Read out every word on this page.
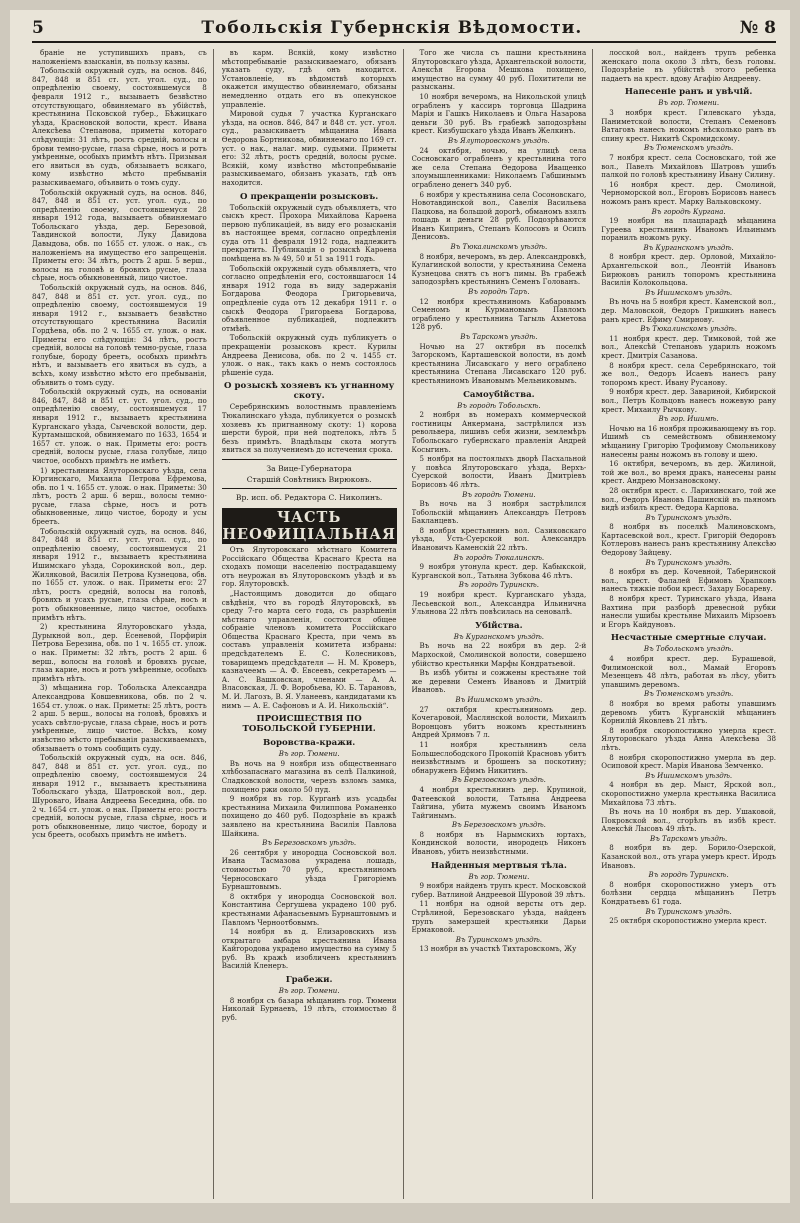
5	Тобольскія Губернскія Вѣдомости.	№ 8

браніе не уступившихъ правъ, съ наложеніемъ взысканія, въ пользу казны.

Тобольскій окружный судъ, на основ. 846, 847, 848 и 851 ст. уст. угол. суд., по опредѣленію своему, состоявшемуся 8 февраля 1912 г., вызываетъ безвѣстно отсутствующаго, обвиняемаго въ убійствѣ, крестьянина Псковской губер., Бѣжицкаго уѣзда, Красновской волости, крест. Ивана Алексѣева Степанова, приметы котораго слѣдующія: 31 лѣтъ, ростъ средній, волосы и брови темно-русые, глаза сѣрые, носъ и ротъ умѣренные, особыхъ примѣтъ нѣтъ. Призывая его явиться въ судъ, обязываетъ всякаго, кому извѣстно мѣсто пребыванія разыскиваемаго, объявить о томъ суду.

Тобольскій окружный судъ, на основ. 846, 847, 848 и 851 ст. уст. угол. суд., по опредѣленію своему, состоявшемуся 28 января 1912 года, вызываетъ обвиняемаго Тобольскаго уѣзда, дер. Березовой, Тавдинской волости, Луку Давидова Давыдова, обв. по 1655 ст. улож. о нак., съ наложеніемъ на имущество его запрещенія. Приметы его: 34 лѣтъ, ростъ 2 арш. 5 верш., волосы на головѣ и бровяхъ русые, глаза сѣрые, носъ обыкновенный, лицо чистое.

Тобольскій окружный судъ, на основ. 846, 847, 848 и 851 ст. уст. угол. суд., по опредѣленію своему, состоявшемуся 19 января 1912 г., вызываетъ безвѣстно отсутствующаго крестьянина Василія Гордѣева, обв. по 2 ч. 1655 ст. улож. о нак. Приметы его слѣдующія: 34 лѣтъ, ростъ средній, волосы на головѣ темно-русые, глаза голубые, бороду бреетъ, особыхъ примѣтъ нѣтъ, и вызываетъ его явиться въ судъ, а всѣхъ, кому извѣстно мѣсто его пребыванія, объявить о томъ суду.

Тобольскій окружный судъ, на основаніи 846, 847, 848 и 851 ст. уст. угол. суд., по опредѣленію своему, состоявшемуся 17 января 1912 г., вызываетъ крестьянина Курганскаго уѣзда, Сычевской волости, дер. Куртамышской, обвиняемаго по 1633, 1654 и 1657 ст. улож. о нак. Приметы его: ростъ средній, волосы русые, глаза голубые, лицо чистое, особыхъ примѣтъ не имѣетъ.

1) крестьянина Ялуторовскаго уѣзда, села Юргинскаго, Михаила Петрова Ефремова, обв. по 1 ч. 1655 ст. улож. о нак. Приметы: 30 лѣтъ, ростъ 2 арш. 6 верш., волосы темно-русые, глаза сѣрые, носъ и ротъ обыкновенные, лицо чистое, бороду и усы бреетъ.

Тобольскій окружный судъ, на основ. 846, 847, 848 и 851 ст. уст. угол. суд., по опредѣленію своему, состоявшемуся 21 января 1912 г., вызываетъ крестьянина Ишимскаго уѣзда, Сорокинской вол., дер. Жиляковой, Василія Петрова Кузнецова, обв. по 1655 ст. улож. о нак. Приметы его: 27 лѣтъ, ростъ средній, волосы на головѣ, бровяхъ и усахъ русые, глаза сѣрые, носъ и ротъ обыкновенные, лицо чистое, особыхъ примѣтъ нѣтъ.

2) крестьянина Ялуторовскаго уѣзда, Дурыкной вол., дер. Есеневой, Порфирія Петрова Березина, обв. по 1 ч. 1655 ст. улож. о нак. Приметы: 32 лѣтъ, ростъ 2 арш. 6 верш., волосы на головѣ и бровяхъ русые, глаза карие, носъ и ротъ умѣренные, особыхъ примѣтъ нѣтъ.

3) мѣщанина гор. Тобольска Александра Александрова Ковшевникова, обв. по 2 ч. 1654 ст. улож. о нак. Приметы: 25 лѣтъ, ростъ 2 арш. 5 верш., волосы на головѣ, бровяхъ и усахъ свѣтло-русые, глаза сѣрые, носъ и ротъ умѣренные, лицо чистое. Всѣхъ, кому извѣстно мѣсто пребыванія разыскиваемыхъ, обязываетъ о томъ сообщить суду.

Тобольскій окружный судъ, на осн. 846, 847, 848 и 851 ст. уст. угол. суд., по опредѣленію своему, состоявшемуся 24 января 1912 г., вызываетъ крестьянина Тобольскаго уѣзда, Шатровской вол., дер. Шуроваго, Ивана Андреева Беседина, обв. по 2 ч. 1654 ст. улож. о нак. Приметы его: ростъ средній, волосы русые, глаза сѣрые, носъ и ротъ обыкновенные, лицо чистое, бороду и усы бреетъ, особыхъ примѣтъ не имѣетъ.

въ карм. Всякій, кому извѣстно мѣстопребываніе разыскиваемаго, обязанъ указать суду, гдѣ онъ находится. Установленіе, въ вѣдомствѣ которыхъ окажется имущество обвиняемаго, обязаны немедленно отдать его въ опекунское управленіе.

Мировой судья 7 участка Курганскаго уѣзда, на основ. 846, 847 и 848 ст. уст. угол. суд., разыскиваетъ мѣщанина Ивана Ѳедорова Бортникова, обвиняемаго по 169 ст. уст. о нак., налаг. мир. судьями. Приметы его: 32 лѣтъ, ростъ средній, волосы русые. Всякій, кому извѣстно мѣстопребываніе разыскиваемаго, обязанъ указать, гдѣ онъ находится.

О прекращеніи розысковъ.

Тобольскій окружный судъ объявляетъ, что сыскъ крест. Прохора Михайлова Карѳена первою публикаціей, въ виду его розысканія въ настоящее время, согласно опредѣленія суда отъ 11 февраля 1912 года, надлежитъ прекратить. Публикація о розыскѣ Карѳена помѣщена въ № 49, 50 и 51 за 1911 годъ.

Тобольскій окружный судъ объявляетъ, что согласно опредѣленія его, состоявшагося 14 января 1912 года въ виду задержанія Богдарова Феодора Григорьевича, опредѣленіе суда отъ 12 декабря 1911 г. о сыскѣ Феодора Григорьева Богдарова, объявленное публикаціей, подлежитъ отмѣнѣ.

Тобольскій окружный судъ публикуетъ о прекращеніи розысковъ крест. Курилы Андреева Денисова, обв. по 2 ч. 1455 ст. улож. о нак., такъ какъ о немъ состоялось рѣшеніе суда.

О розыскѣ хозяевъ къ угнанному скоту.

Серебрянскимъ волостнымъ правленіемъ Тюкалинскаго уѣзда, публикуется о розыскѣ хозяевъ къ пригнанному скоту: 1) корова шерсти бурой, при ней подтелокъ, лѣтъ 5 безъ примѣтъ. Владѣльцы скота могутъ явиться за получениемъ до истечения срока.

За Вице-Губернатора
Старшій Совѣтникъ Вирюковъ.
Вр. исп. об. Редактора С. Николинъ.
ЧАСТЬ НЕОФИЦІАЛЬНАЯ

Отъ Ялуторовскаго мѣстнаго Комитета Россійскаго Общества Краснаго Креста на сходахъ помощи населенію пострадавшему отъ неурожая въ Ялуторовскомъ уѣздѣ и въ гор. Ялуторовскѣ.

„Настоящимъ доводится до общаго свѣдѣнія, что въ городѣ Ялуторовскѣ, въ среду 7-го марта сего года, съ разрѣшенія мѣстнаго управленія, состоится общее собраніе членовъ комитета Россійскаго Общества Краснаго Креста, при чемъ въ составъ управленія комитета избраны: предсѣдателемъ Е. С. Колесниковъ, товарищемъ предсѣдателя — Н. М. Кроверъ, казначеемъ — А. Ф. Евсеевъ, секретаремъ — А. С. Вашковская, членами — А. А. Власовская, Л. Ф. Воробьева, Ю. Б. Тарановъ, М. И. Лагозъ, В. Я. Уланеевъ, кандидатами къ нимъ — А. Е. Сафоновъ и А. И. Никольскій“.

ПРОИСШЕСТВІЯ ПО ТОБОЛЬСКОЙ ГУБЕРНІИ.
Воровства-кражи.
Въ гор. Тюмени.

Въ ночь на 9 ноября изъ общественнаго хлѣбозапаснаго магазина въ селѣ Палкиной, Сладковской волости, черезъ взломъ замка, похищено ржи около 50 пуд.

9 ноября въ гор. Курганѣ изъ усадьбы крестьянина Михаила Филиппова Романенко похищено до 460 руб. Подозрѣніе въ кражѣ заявлено на крестьянина Василія Павлова Шайкина.

Въ Березовскомъ уѣздѣ.

26 сентября у инородца Сосновской вол. Ивана Тасмазова украдена лошадь, стоимостью 70 руб., крестьяниномъ Черносовскаго уѣзда Григоріемъ Бурнаштовымъ.

8 октября у инородца Сосновской вол. Константина Сергушева украдено 100 руб. крестьянами Афанасьевымъ Бурнаштовымъ и Павломъ Черноотбовымъ.

14 ноября въ д. Елизаровскихъ изъ открытаго амбара крестьянина Ивана Кайгородова украдено имущество на сумму 5 руб. Въ кражѣ изобличенъ крестьянинъ Василій Кленеръ.

Грабежи.
Въ гор. Тюмени.

8 ноября съ базара мѣщанинъ гор. Тюмени Николай Бурнаевъ, 19 лѣтъ, стоимостью 8 руб.

Того же числа съ пашни крестьянина Ялуторовскаго уѣзда, Архангельской волости, Алексѣя Егорова Мешкова похищено, имущество на сумму 40 руб. Похитители не разысканы.

10 ноября вечеромъ, на Никольской улицѣ ограбленъ у кассиръ торговца Шадрина Марія и Гашкъ Николаевъ и Ольга Назарова деньги 30 руб. Въ грабежѣ заподозрѣны крест. Кизбушскаго уѣзда Иванъ Желкинъ.

Въ Ялуторовскомъ уѣздѣ.

24 октября, ночью, на улицѣ села Сосновскаго ограбленъ у крестьянина того же села Степана Ѳедорова Иващенко злоумышленниками: Николаемъ Габшинымъ ограблено денегъ 340 руб.

6 ноября у крестьянина села Сосоновскаго, Новотавдинской вол., Савелія Васильева Пацкова, на большой дорогѣ, обманомъ взялъ лошадь и деньги 28 руб. Подозрѣваются Иванъ Кипринъ, Степанъ Колосовъ и Осипъ Денисовъ.

Въ Тюкалинскомъ уѣздѣ.

8 ноября, вечеромъ, въ дер. Александровкѣ, Кулагинской волости, у крестьянина Семена Кузнецова снятъ съ ногъ пимы. Въ грабежѣ заподозрѣнъ крестьянинъ Семенъ Голованъ.

Въ городѣ Таръ.

12 ноября крестьяниномъ Кабаровымъ Семеномъ и Курмановымъ Павломъ ограблено у крестьянина Тагыль Ахметова 128 руб.

Въ Тарскомъ уѣздѣ.

Ночью на 27 октября въ поселкѣ Загорскомъ, Карташевской волости, въ домѣ крестьянина Лисавскаго у него ограблено крестьянина Степана Лисавскаго 120 руб. крестьяниномъ Ивановымъ Мельниковымъ.

Самоубійства.
Въ городѣ Тобольскѣ.

2 ноября въ номерахъ коммерческой гостиницы Анкермана, застрѣлился изъ револьвера, лишивъ себя жизни, землемѣръ Тобольскаго губернскаго правленія Андрей Косыгинъ.

5 ноября на постоялыхъ дворѣ Пасхальной у повѣса Ялуторовскаго уѣзда, Верхъ-Суерской волости, Иванъ Дмитріевъ Борисовъ 46 лѣтъ.

Въ городѣ Тюмени.

Въ ночь на 3 ноября застрѣлился Тобольскій мѣщанинъ Александръ Петровъ Бакланцевъ.

8 ноября крестьянинъ вол. Сазиковскаго уѣзда, Усть-Суерской вол. Александръ Ивановичъ Каменскій 22 лѣтъ.

Въ городѣ Тюкалинскѣ.

9 ноября утонула крест. дер. Кабыкской, Курганской вол., Татьяна Зубкова 46 лѣтъ.

Въ городѣ Туринскѣ.

19 ноября крест. Курганскаго уѣзда, Лесьевской вол., Александра Ильинична Ульянова 22 лѣтъ повѣсилась на сеновалѣ.

Убійства.
Въ Курганскомъ уѣздѣ.

Въ ночь на 22 ноября въ дер. 2-й Мархоской, Смолинской волости, совершено убійство крестьянки Марфы Кондратьевой.

Въ избѣ убиты и сожжены крестьяне той же деревни Семенъ Ивановъ и Дмитрій Ивановъ.

Въ Ишимскомъ уѣздѣ.

27 октября крестьяниномъ дер. Кочегаровой, Маслянской волости, Михаилъ Воронцовъ убитъ ножомъ крестьянинъ Андрей Хрямовъ 7 л.

11 ноября крестьянинъ села Большеслободского Прокопій Красновъ убитъ неизвѣстнымъ и брошенъ за поскотину; обнаруженъ Ефимъ Никитинъ.

Въ Березовскомъ уѣздѣ.

4 ноября крестьянинъ дер. Крупиной, Фатеевской волости, Татьяна Андреева Тайгина, убита мужемъ своимъ Иваномъ Тайгинымъ.

Въ Березовскомъ уѣздѣ.

8 ноября въ Нарымскихъ юртахъ, Кондинской волости, инородецъ Никонъ Ивановъ, убитъ неизвѣстными.

Найденныя мертвыя тѣла.
Въ гор. Тюмени.

9 ноября найденъ трупъ крест. Московской губер. Ватлиной Андреевой Шуровой 39 лѣтъ.

11 ноября на одной версты отъ дер. Стрѣлиной, Березовскаго уѣзда, найденъ трупъ замерзшей крестьянки Дарьи Ермаковой.

Въ Туринскомъ уѣздѣ.

13 ноября въ участкѣ Тихтаровскомъ, Жу

лосской вол., найденъ трупъ ребенка женскаго пола около 3 лѣтъ, безъ головы. Подозрѣніе въ убійствѣ этого ребенка падаетъ на крест. вдову Агафію Андрееву.

Напесеніе ранъ и увѣчій.
Въ гор. Тюмени.

3 ноября крест. Гилевскаго уѣзда, Паниметской волости, Степанъ Семеновъ Ватаговъ нанесъ ножомъ нѣсколько ранъ въ спину крест. Никитѣ Скромидскому.

Въ Тюменскомъ уѣздѣ.

7 ноября крест. села Сосновскаго, той же вол., Павелъ Михайловъ Шатровъ ушибъ палкой по головѣ крестьянину Ивану Силину.

16 ноября крест. дер. Смолиной, Черноморской вол., Егоровъ Борисовъ нанесъ ножомъ ранъ крест. Марку Вальковскому.

Въ городѣ Кургана.

19 ноября на плацпарадѣ мѣщанина Гуреева крестьянинъ Иваномъ Ильинымъ поранилъ ножомъ руку.

Въ Курганскомъ уѣздѣ.

8 ноября крест. дер. Орловой, Михайло-Архангельской вол., Леонтій Ивановъ Бирюковъ ранилъ топоромъ крестьянина Василія Колокольцова.

Въ Ишимскомъ уѣздѣ.

Въ ночь на 5 ноября крест. Каменской вол., дер. Маловской, Ѳедоръ Гришкинъ нанесъ ранъ крест. Ефиму Смирнову.

Въ Тюкалинскомъ уѣздѣ.

11 ноября крест. дер. Тимковой, той же вол., Алексѣй Степановъ ударилъ ножомъ крест. Дмитрія Сазанова.

8 ноября крест. села Серебрянскаго, той же вол., Ѳедоръ Исаевъ нанесъ рану топоромъ крест. Ивану Русанову.

9 ноября крест. дер. Завариной, Кибирской вол., Петръ Кольцовъ нанесъ ножевую рану крест. Михаилу Рычкову.

Въ гор. Ишимѣ.

Ночью на 16 ноября проживающему въ гор. Ишимѣ съ семействомъ обвиняемому мѣщанину Григорію Трофимову Смольникову нанесены раны ножомъ въ голову и шею.

16 октября, вечеромъ, въ дер. Жилиной, той же вол., во время дракъ, нанесены раны крест. Андрею Монзановскому.

28 октября крест. с. Ларихинскаго, той же вол., Ѳедоръ Ивановъ Пашинскій въ пьяномъ видѣ избилъ крест. Ѳедора Карпова.

Въ Туринскомъ уѣздѣ.

8 ноября въ поселкѣ Малиновскомъ, Картасевской вол., крест. Григорій Ѳедоровъ Котлеровъ нанесъ ранъ крестьянину Алексѣю Ѳедорову Зайцеву.

Въ Туринскомъ уѣздѣ.

8 ноября въ дер. Кочевной, Таберинской вол., крест. Фалалей Ефимовъ Храпковъ нанесъ тяжкіе побои крест. Захару Босареву.

8 ноября крест. Туринскаго уѣзда, Ивана Вахтина при разборѣ древесной рубки нанесли ушибы крестьяне Михаилъ Мірзоевъ и Егоръ Кайдуновъ.

Несчастные смертные случаи.
Въ Тобольскомъ уѣздѣ.

4 ноября крест. дер. Бурашевой, Филимонской вол., Мамай Егоровъ Мезенцевъ 48 лѣтъ, работая въ лѣсу, убитъ упавшимъ деревомъ.

Въ Тюменскомъ уѣздѣ.

8 ноября во время работы упавшимъ деревомъ убитъ Курганскій мѣщанинъ Корнилій Яковлевъ 21 лѣтъ.

8 ноября скоропостижно умерла крест. Ялуторовскаго уѣзда Анна Алексѣева 38 лѣтъ.

8 ноября скоропостижно умерла въ дер. Осиповой крест. Марія Иванова Земченко.

Въ Ишимскомъ уѣздѣ.

4 ноября въ дер. Мыст, Ярской вол., скоропостижно умерла крестьянка Василиса Михайлова 73 лѣтъ.

Въ ночь на 10 ноября въ дер. Ушаковой, Покровской вол., сгорѣлъ въ избѣ крест. Алексѣй Лысовъ 49 лѣтъ.

Въ Тарскомъ уѣздѣ.

8 ноября въ дер. Борило-Озерской, Казанской вол., отъ угара умеръ крест. Иродъ Ивановъ.

Въ городѣ Туринскѣ.

8 ноября скоропостижно умеръ отъ болѣзни сердца мѣщанинъ Петръ Кондратьевъ 61 года.

Въ Туринскомъ уѣздѣ.

25 октября скоропостижно умерла крест.
